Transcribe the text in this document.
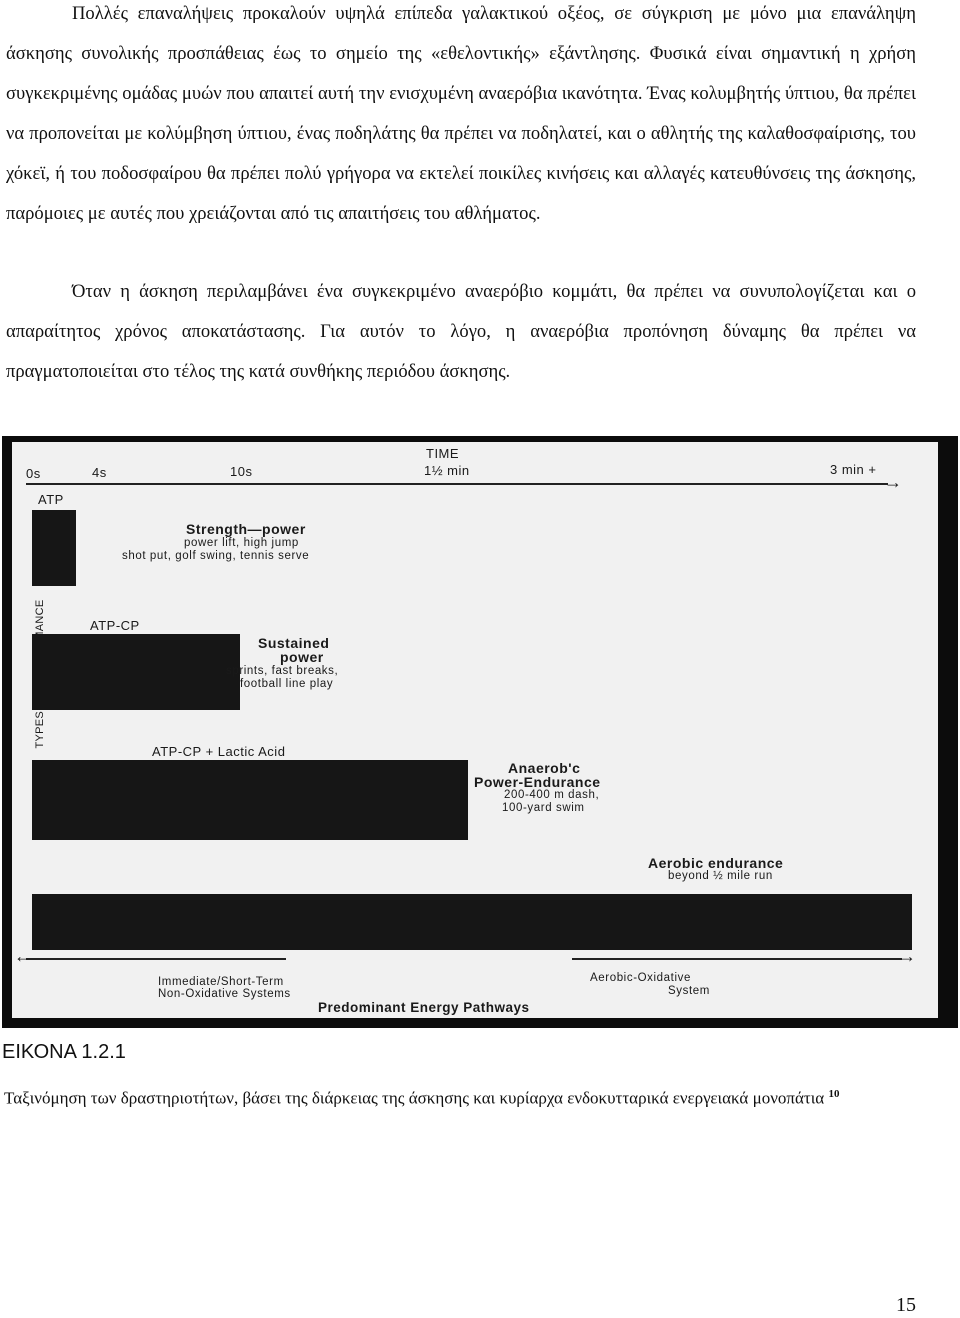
Πολλές επαναλήψεις προκαλούν υψηλά επίπεδα γαλακτικού οξέος, σε σύγκριση με μόνο μια επανάληψη άσκησης συνολικής προσπάθειας έως το σημείο της «εθελοντικής» εξάντλησης. Φυσικά είναι σημαντική η χρήση συγκεκριμένης ομάδας μυών που απαιτεί αυτή την ενισχυμένη αναερόβια ικανότητα. Ένας κολυμβητής ύπτιου, θα πρέπει να προπονείται με κολύμβηση ύπτιου, ένας ποδηλάτης θα πρέπει να ποδηλατεί, και ο αθλητής της καλαθοσφαίρισης, του χόκεϊ, ή του ποδοσφαίρου θα πρέπει πολύ γρήγορα να εκτελεί ποικίλες κινήσεις και αλλαγές κατευθύνσεις της άσκησης, παρόμοιες με αυτές που χρειάζονται από τις απαιτήσεις του αθλήματος.

Όταν η άσκηση περιλαμβάνει ένα συγκεκριμένο αναερόβιο κομμάτι, θα πρέπει να συνυπολογίζεται και ο απαραίτητος χρόνος αποκατάστασης. Για αυτόν το λόγο, η αναερόβια προπόνηση δύναμης θα πρέπει να πραγματοποιείται στο τέλος της κατά συνθήκης περιόδου άσκησης.

TIME
0s	4s	10s	1½ min	3 min +
→
ATP
Strength—power
power lift, high jump
shot put, golf swing, tennis serve
ATP-CP
Sustained
power
sprints, fast breaks,
football line play
ATP-CP + Lactic Acid
Anaerob'c
Power-Endurance
200-400 m dash,
100-yard swim
Aerobic endurance
beyond ½ mile run
←	→
Immediate/Short-Term
Non-Oxidative Systems
Aerobic-Oxidative
System
Predominant Energy Pathways
ΕΙΚΟΝΑ 1.2.1

Ταξινόμηση των δραστηριοτήτων, βάσει της διάρκειας της άσκησης και κυρίαρχα ενδοκυτταρικά ενεργειακά μονοπάτια $^{10}$

15
